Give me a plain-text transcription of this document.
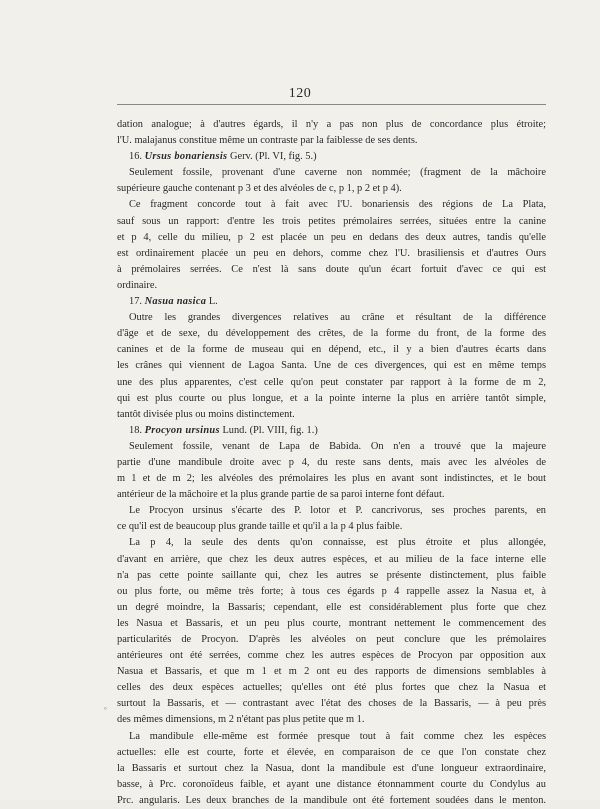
120
°
dation analogue; à d'autres égards, il n'y a pas non plus de concordance plus étroite;
l'U. malajanus constitue même un contraste par la faiblesse de ses dents.
16. Ursus bonariensis Gerv. (Pl. VI, fig. 5.)
Seulement fossile, provenant d'une caverne non nommée; (fragment de la mâchoire
supérieure gauche contenant p 3 et des alvéoles de c, p 1, p 2 et p 4).
Ce fragment concorde tout à fait avec l'U. bonariensis des régions de La Plata,
sauf sous un rapport: d'entre les trois petites prémolaires serrées, situées entre la canine
et p 4, celle du milieu, p 2 est placée un peu en dedans des deux autres, tandis qu'elle
est ordinairement placée un peu en dehors, comme chez l'U. brasiliensis et d'autres Ours
à prémolaires serrées. Ce n'est là sans doute qu'un écart fortuit d'avec ce qui est
ordinaire.
17. Nasua nasica L.
Outre les grandes divergences relatives au crâne et résultant de la différence
d'âge et de sexe, du développement des crêtes, de la forme du front, de la forme des
canines et de la forme de museau qui en dépend, etc., il y a bien d'autres écarts dans
les crânes qui viennent de Lagoa Santa. Une de ces divergences, qui est en même temps
une des plus apparentes, c'est celle qu'on peut constater par rapport à la forme de m 2,
qui est plus courte ou plus longue, et a la pointe interne la plus en arrière tantôt simple,
tantôt divisée plus ou moins distinctement.
18. Procyon ursinus Lund. (Pl. VIII, fig. 1.)
Seulement fossile, venant de Lapa de Babida. On n'en a trouvé que la majeure
partie d'une mandibule droite avec p 4, du reste sans dents, mais avec les alvéoles de
m 1 et de m 2; les alvéoles des prémolaires les plus en avant sont indistinctes, et le bout
antérieur de la mâchoire et la plus grande partie de sa paroi interne font défaut.
Le Procyon ursinus s'écarte des P. lotor et P. cancrivorus, ses proches parents, en
ce qu'il est de beaucoup plus grande taille et qu'il a la p 4 plus faible.
La p 4, la seule des dents qu'on connaisse, est plus étroite et plus allongée,
d'avant en arrière, que chez les deux autres espèces, et au milieu de la face interne elle
n'a pas cette pointe saillante qui, chez les autres se présente distinctement, plus faible
ou plus forte, ou même très forte; à tous ces égards p 4 rappelle assez la Nasua et, à
un degré moindre, la Bassaris; cependant, elle est considérablement plus forte que chez
les Nasua et Bassaris, et un peu plus courte, montrant nettement le commencement des
particularités de Procyon. D'après les alvéoles on peut conclure que les prémolaires
antérieures ont été serrées, comme chez les autres espèces de Procyon par opposition aux
Nasua et Bassaris, et que m 1 et m 2 ont eu des rapports de dimensions semblables à
celles des deux espèces actuelles; qu'elles ont été plus fortes que chez la Nasua et
surtout la Bassaris, et — contrastant avec l'état des choses de la Bassaris, — à peu près
des mêmes dimensions, m 2 n'étant pas plus petite que m 1.
La mandibule elle-même est formée presque tout à fait comme chez les espèces
actuelles: elle est courte, forte et élevée, en comparaison de ce que l'on constate chez
la Bassaris et surtout chez la Nasua, dont la mandibule est d'une longueur extraordinaire,
basse, à Prc. coronoïdeus faible, et ayant une distance étonnamment courte du Condylus au
Prc. angularis. Les deux branches de la mandibule ont été fortement soudées dans le menton.
